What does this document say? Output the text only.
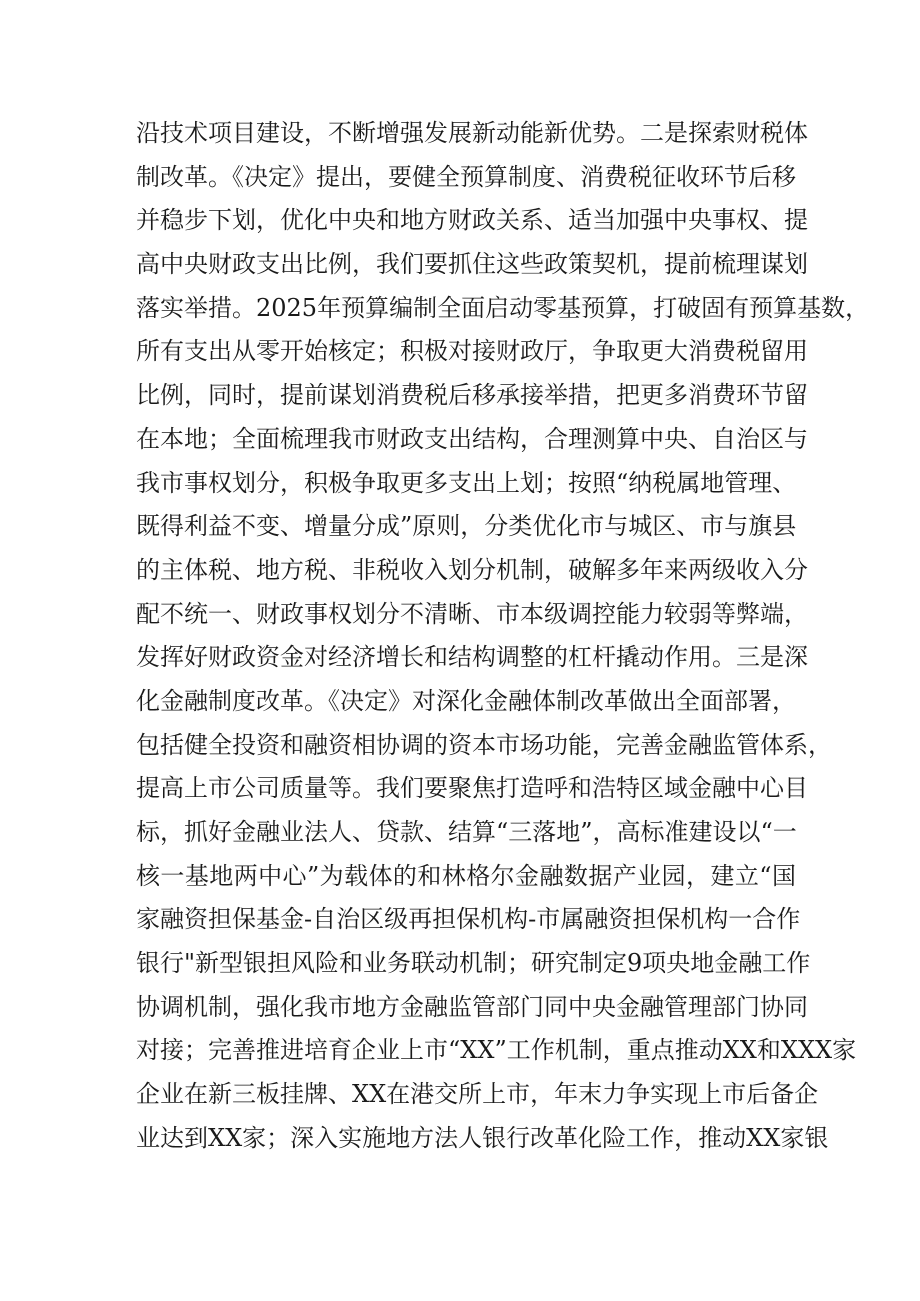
沿技术项目建设，不断增强发展新动能新优势。二是探索财税体
制改革。《决定》提出，要健全预算制度、消费税征收环节后移
并稳步下划，优化中央和地方财政关系、适当加强中央事权、提
高中央财政支出比例，我们要抓住这些政策契机，提前梳理谋划
落实举措。2025年预算编制全面启动零基预算，打破固有预算基数，
所有支出从零开始核定；积极对接财政厅，争取更大消费税留用
比例，同时，提前谋划消费税后移承接举措，把更多消费环节留
在本地；全面梳理我市财政支出结构，合理测算中央、自治区与
我市事权划分，积极争取更多支出上划；按照“纳税属地管理、
既得利益不变、增量分成”原则，分类优化市与城区、市与旗县
的主体税、地方税、非税收入划分机制，破解多年来两级收入分
配不统一、财政事权划分不清晰、市本级调控能力较弱等弊端，
发挥好财政资金对经济增长和结构调整的杠杆撬动作用。三是深
化金融制度改革。《决定》对深化金融体制改革做出全面部署，
包括健全投资和融资相协调的资本市场功能，完善金融监管体系，
提高上市公司质量等。我们要聚焦打造呼和浩特区域金融中心目
标，抓好金融业法人、贷款、结算“三落地”，高标准建设以“一
核一基地两中心”为载体的和林格尔金融数据产业园，建立“国
家融资担保基金-自治区级再担保机构-市属融资担保机构一合作
银行"新型银担风险和业务联动机制；研究制定9项央地金融工作
协调机制，强化我市地方金融监管部门同中央金融管理部门协同
对接；完善推进培育企业上市“XX”工作机制，重点推动XX和XXX家
企业在新三板挂牌、XX在港交所上市，年末力争实现上市后备企
业达到XX家；深入实施地方法人银行改革化险工作，推动XX家银
